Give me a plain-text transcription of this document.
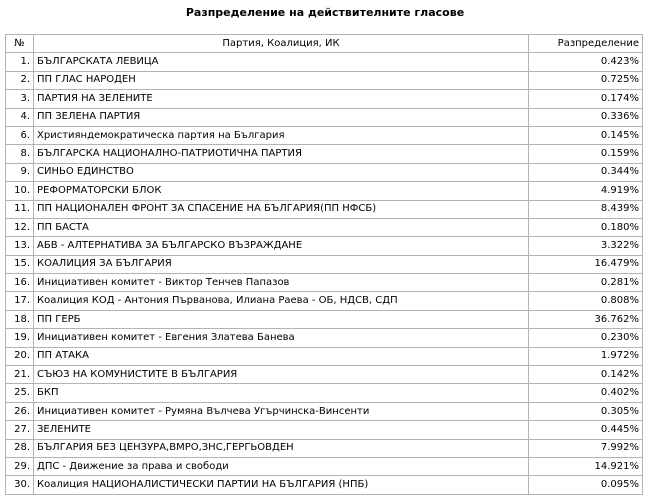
Разпределение на действителните гласове
№	Партия, Коалиция, ИК	Разпределение
1.	БЪЛГАРСКАТА ЛЕВИЦА	0.423%
2.	ПП ГЛАС НАРОДЕН	0.725%
3.	ПАРТИЯ НА ЗЕЛЕНИТЕ	0.174%
4.	ПП ЗЕЛЕНА ПАРТИЯ	0.336%
6.	Християндемократическа партия на България	0.145%
8.	БЪЛГАРСКА НАЦИОНАЛНО-ПАТРИОТИЧНА ПАРТИЯ	0.159%
9.	СИНЬО ЕДИНСТВО	0.344%
10.	РЕФОРМАТОРСКИ БЛОК	4.919%
11.	ПП НАЦИОНАЛЕН ФРОНТ ЗА СПАСЕНИЕ НА БЪЛГАРИЯ(ПП НФСБ)	8.439%
12.	ПП БАСТА	0.180%
13.	АБВ - АЛТЕРНАТИВА ЗА БЪЛГАРСКО ВЪЗРАЖДАНЕ	3.322%
15.	КОАЛИЦИЯ ЗА БЪЛГАРИЯ	16.479%
16.	Инициативен комитет - Виктор Тенчев Папазов	0.281%
17.	Коалиция КОД - Антония Първанова, Илиана Раева - ОБ, НДСВ, СДП	0.808%
18.	ПП ГЕРБ	36.762%
19.	Инициативен комитет - Евгения Златева Банева	0.230%
20.	ПП АТАКА	1.972%
21.	СЪЮЗ НА КОМУНИСТИТЕ В БЪЛГАРИЯ	0.142%
25.	БКП	0.402%
26.	Инициативен комитет - Румяна Вълчева Угърчинска-Винсенти	0.305%
27.	ЗЕЛЕНИТЕ	0.445%
28.	БЪЛГАРИЯ БЕЗ ЦЕНЗУРА,ВМРО,ЗНС,ГЕРГЬОВДЕН	7.992%
29.	ДПС - Движение за права и свободи	14.921%
30.	Коалиция НАЦИОНАЛИСТИЧЕСКИ ПАРТИИ НА БЪЛГАРИЯ (НПБ)	0.095%
